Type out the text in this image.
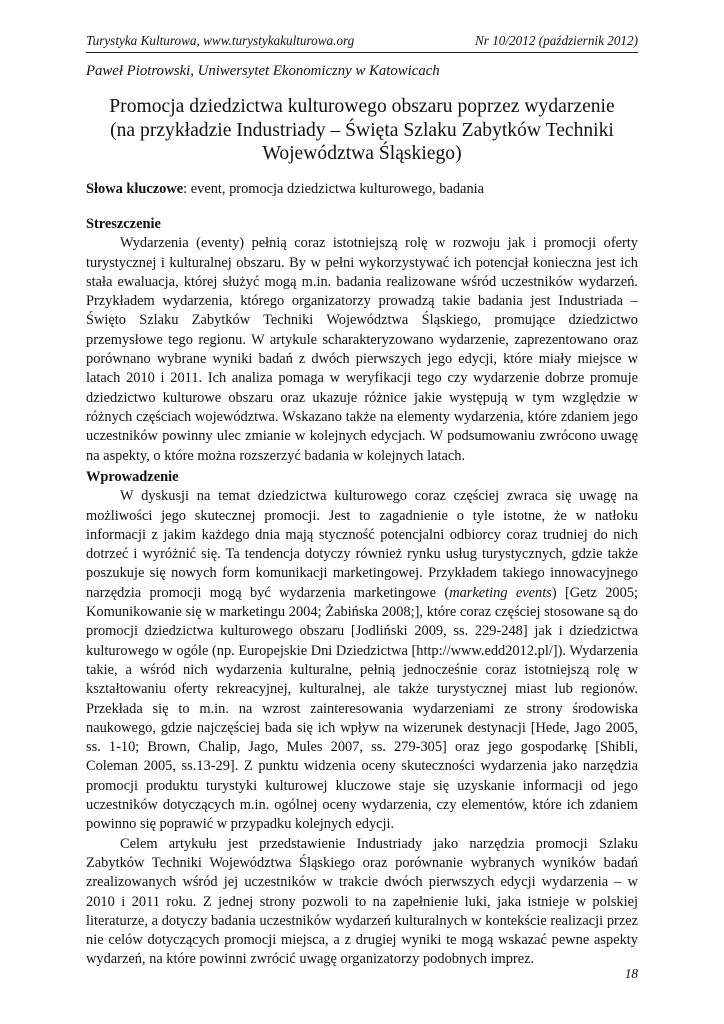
Turystyka Kulturowa, www.turystykakulturowa.org	Nr 10/2012 (październik 2012)
Paweł Piotrowski, Uniwersytet Ekonomiczny w Katowicach
Promocja dziedzictwa kulturowego obszaru poprzez wydarzenie
(na przykładzie Industriady – Święta Szlaku Zabytków Techniki
Województwa Śląskiego)
Słowa kluczowe: event, promocja dziedzictwa kulturowego, badania
Streszczenie

Wydarzenia (eventy) pełnią coraz istotniejszą rolę w rozwoju jak i promocji oferty turystycznej i kulturalnej obszaru. By w pełni wykorzystywać ich potencjał konieczna jest ich stała ewaluacja, której służyć mogą m.in. badania realizowane wśród uczestników wydarzeń. Przykładem wydarzenia, którego organizatorzy prowadzą takie badania jest Industriada – Święto Szlaku Zabytków Techniki Województwa Śląskiego, promujące dziedzictwo przemysłowe tego regionu. W artykule scharakteryzowano wydarzenie, zaprezentowano oraz porównano wybrane wyniki badań z dwóch pierwszych jego edycji, które miały miejsce w latach 2010 i 2011. Ich analiza pomaga w weryfikacji tego czy wydarzenie dobrze promuje dziedzictwo kulturowe obszaru oraz ukazuje różnice jakie występują w tym względzie w różnych częściach województwa. Wskazano także na elementy wydarzenia, które zdaniem jego uczestników powinny ulec zmianie w kolejnych edycjach. W podsumowaniu zwrócono uwagę na aspekty, o które można rozszerzyć badania w kolejnych latach.

Wprowadzenie

W dyskusji na temat dziedzictwa kulturowego coraz częściej zwraca się uwagę na możliwości jego skutecznej promocji. Jest to zagadnienie o tyle istotne, że w natłoku informacji z jakim każdego dnia mają styczność potencjalni odbiorcy coraz trudniej do nich dotrzeć i wyróżnić się. Ta tendencja dotyczy również rynku usług turystycznych, gdzie także poszukuje się nowych form komunikacji marketingowej. Przykładem takiego innowacyjnego narzędzia promocji mogą być wydarzenia marketingowe (marketing events) [Getz 2005; Komunikowanie się w marketingu 2004; Żabińska 2008;], które coraz częściej stosowane są do promocji dziedzictwa kulturowego obszaru [Jodliński 2009, ss. 229-248] jak i dziedzictwa kulturowego w ogóle (np. Europejskie Dni Dziedzictwa [http://www.edd2012.pl/]). Wydarzenia takie, a wśród nich wydarzenia kulturalne, pełnią jednocześnie coraz istotniejszą rolę w kształtowaniu oferty rekreacyjnej, kulturalnej, ale także turystycznej miast lub regionów. Przekłada się to m.in. na wzrost zainteresowania wydarzeniami ze strony środowiska naukowego, gdzie najczęściej bada się ich wpływ na wizerunek destynacji [Hede, Jago 2005, ss. 1-10; Brown, Chalip, Jago, Mules 2007, ss. 279-305] oraz jego gospodarkę [Shibli, Coleman 2005, ss.13-29]. Z punktu widzenia oceny skuteczności wydarzenia jako narzędzia promocji produktu turystyki kulturowej kluczowe staje się uzyskanie informacji od jego uczestników dotyczących m.in. ogólnej oceny wydarzenia, czy elementów, które ich zdaniem powinno się poprawić w przypadku kolejnych edycji.

Celem artykułu jest przedstawienie Industriady jako narzędzia promocji Szlaku Zabytków Techniki Województwa Śląskiego oraz porównanie wybranych wyników badań zrealizowanych wśród jej uczestników w trakcie dwóch pierwszych edycji wydarzenia – w 2010 i 2011 roku. Z jednej strony pozwoli to na zapełnienie luki, jaka istnieje w polskiej literaturze, a dotyczy badania uczestników wydarzeń kulturalnych w kontekście realizacji przez nie celów dotyczących promocji miejsca, a z drugiej wyniki te mogą wskazać pewne aspekty wydarzeń, na które powinni zwrócić uwagę organizatorzy podobnych imprez.

18
